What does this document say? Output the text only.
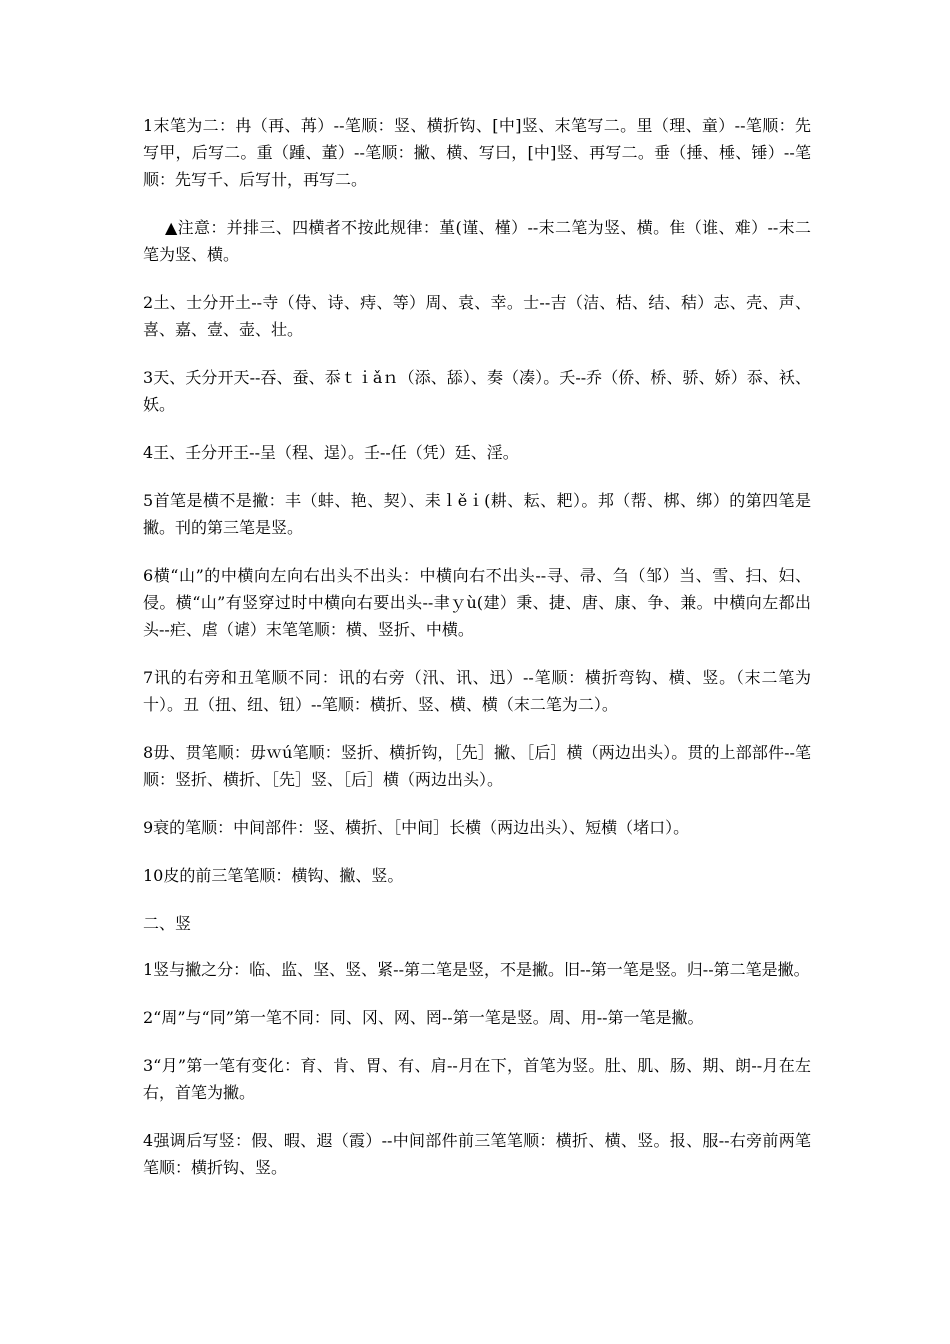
1末笔为二：冉（再、苒）--笔顺：竖、横折钩、[中]竖、末笔写二。里（理、童）--笔顺：先写甲，后写二。重（踵、董）--笔顺：撇、横、写曰，[中]竖、再写二。垂（捶、棰、锤）--笔顺：先写千、后写卄，再写二。

▲注意：并排三、四横者不按此规律：堇(谨、槿）--末二笔为竖、横。隹（谁、难）--末二笔为竖、横。

2土、士分开土--寺（侍、诗、痔、等）周、袁、幸。士--吉（洁、桔、结、秸）志、壳、声、喜、嘉、壹、壶、壮。

3天、夭分开天--吞、蚕、忝ｔｉǎｎ（添、舔）、奏（凑）。夭--乔（侨、桥、骄、娇）忝、袄、妖。

4王、壬分开王--呈（程、逞）。壬--任（凭）廷、淫。

5首笔是横不是撇：丰（蚌、艳、契）、耒ｌěｉ(耕、耘、耙）。邦（帮、梆、绑）的第四笔是撇。刊的第三笔是竖。

6横“山”的中横向左向右出头不出头：中横向右不出头--寻、帚、刍（邹）当、雪、扫、妇、侵。横“山”有竖穿过时中横向右要出头--聿ｙù(建）秉、捷、唐、康、争、兼。中横向左都出头--疟、虐（谑）末笔笔顺：横、竖折、中横。

7讯的右旁和丑笔顺不同：讯的右旁（汛、讯、迅）--笔顺：横折弯钩、横、竖。（末二笔为十）。丑（扭、纽、钮）--笔顺：横折、竖、横、横（末二笔为二）。

8毋、贯笔顺：毋ｗú笔顺：竖折、横折钩，［先］撇、［后］横（两边出头）。贯的上部部件--笔顺：竖折、横折、［先］竖、［后］横（两边出头）。

9衰的笔顺：中间部件：竖、横折、［中间］长横（两边出头）、短横（堵口）。

10皮的前三笔笔顺：横钩、撇、竖。

二、竖

1竖与撇之分：临、监、坚、竖、紧--第二笔是竖，不是撇。旧--第一笔是竖。归--第二笔是撇。

2“周”与“同”第一笔不同：同、冈、网、罔--第一笔是竖。周、用--第一笔是撇。

3“月”第一笔有变化：育、肯、胃、有、肩--月在下，首笔为竖。肚、肌、肠、期、朗--月在左右，首笔为撇。

4强调后写竖：假、暇、遐（霞）--中间部件前三笔笔顺：横折、横、竖。报、服--右旁前两笔笔顺：横折钩、竖。
